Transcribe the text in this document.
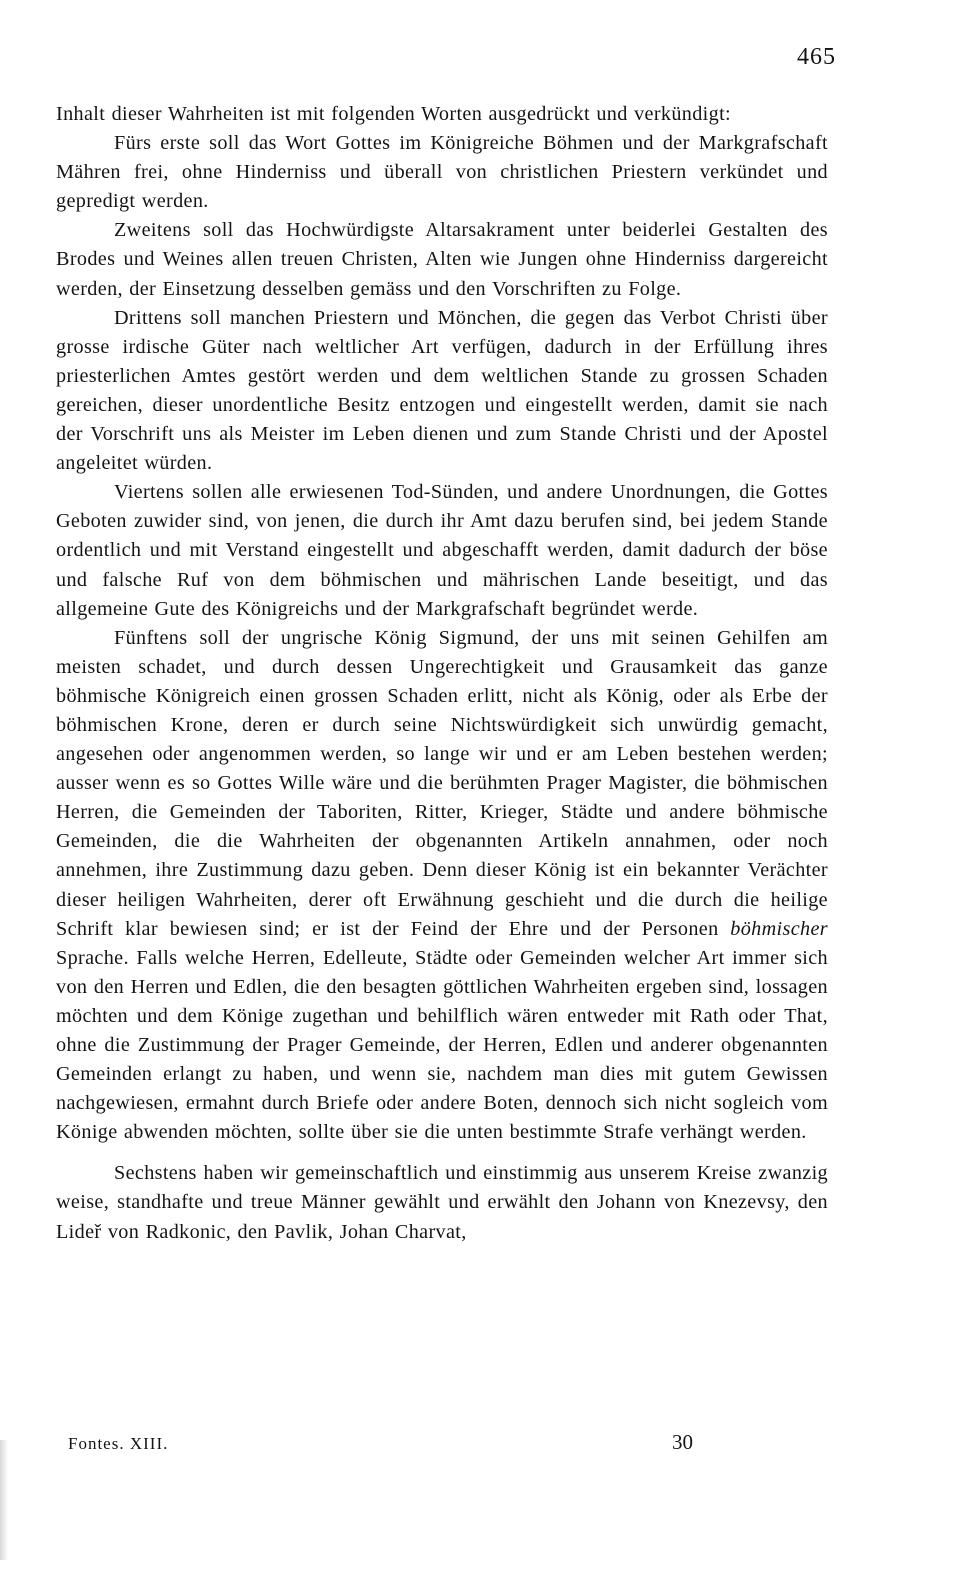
465

Inhalt dieser Wahrheiten ist mit folgenden Worten ausgedrückt und verkündigt:

Fürs erste soll das Wort Gottes im Königreiche Böhmen und der Markgrafschaft Mähren frei, ohne Hinderniss und überall von christlichen Priestern verkündet und gepredigt werden.

Zweitens soll das Hochwürdigste Altarsakrament unter beiderlei Gestalten des Brodes und Weines allen treuen Christen, Alten wie Jungen ohne Hinderniss dargereicht werden, der Einsetzung desselben gemäss und den Vorschriften zu Folge.

Drittens soll manchen Priestern und Mönchen, die gegen das Verbot Christi über grosse irdische Güter nach weltlicher Art verfügen, dadurch in der Erfüllung ihres priesterlichen Amtes gestört werden und dem weltlichen Stande zu grossen Schaden gereichen, dieser unordentliche Besitz entzogen und eingestellt werden, damit sie nach der Vorschrift uns als Meister im Leben dienen und zum Stande Christi und der Apostel angeleitet würden.

Viertens sollen alle erwiesenen Tod-Sünden, und andere Unordnungen, die Gottes Geboten zuwider sind, von jenen, die durch ihr Amt dazu berufen sind, bei jedem Stande ordentlich und mit Verstand eingestellt und abgeschafft werden, damit dadurch der böse und falsche Ruf von dem böhmischen und mährischen Lande beseitigt, und das allgemeine Gute des Königreichs und der Markgrafschaft begründet werde.

Fünftens soll der ungrische König Sigmund, der uns mit seinen Gehilfen am meisten schadet, und durch dessen Ungerechtigkeit und Grausamkeit das ganze böhmische Königreich einen grossen Schaden erlitt, nicht als König, oder als Erbe der böhmischen Krone, deren er durch seine Nichtswürdigkeit sich unwürdig gemacht, angesehen oder angenommen werden, so lange wir und er am Leben bestehen werden; ausser wenn es so Gottes Wille wäre und die berühmten Prager Magister, die böhmischen Herren, die Gemeinden der Taboriten, Ritter, Krieger, Städte und andere böhmische Gemeinden, die die Wahrheiten der obgenannten Artikeln annahmen, oder noch annehmen, ihre Zustimmung dazu geben. Denn dieser König ist ein bekannter Verächter dieser heiligen Wahrheiten, derer oft Erwähnung geschieht und die durch die heilige Schrift klar bewiesen sind; er ist der Feind der Ehre und der Personen böhmischer Sprache. Falls welche Herren, Edelleute, Städte oder Gemeinden welcher Art immer sich von den Herren und Edlen, die den besagten göttlichen Wahrheiten ergeben sind, lossagen möchten und dem Könige zugethan und behilflich wären entweder mit Rath oder That, ohne die Zustimmung der Prager Gemeinde, der Herren, Edlen und anderer obgenannten Gemeinden erlangt zu haben, und wenn sie, nachdem man dies mit gutem Gewissen nachgewiesen, ermahnt durch Briefe oder andere Boten, dennoch sich nicht sogleich vom Könige abwenden möchten, sollte über sie die unten bestimmte Strafe verhängt werden.

Sechstens haben wir gemeinschaftlich und einstimmig aus unserem Kreise zwanzig weise, standhafte und treue Männer gewählt und erwählt den Johann von Knezevsy, den Lideř von Radkonic, den Pavlik, Johan Charvat,

Fontes. XIII.	30
